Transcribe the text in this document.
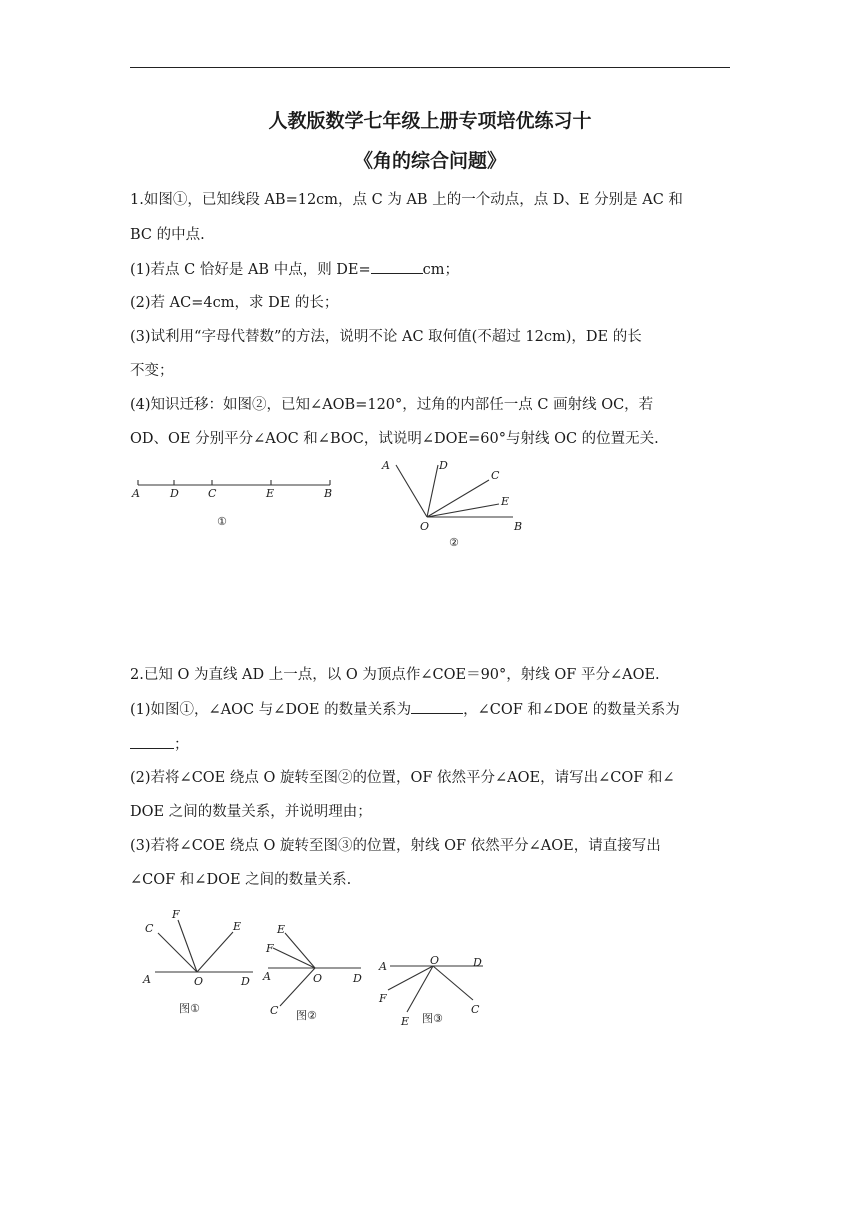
人教版数学七年级上册专项培优练习十
《角的综合问题》
1.如图①，已知线段 AB=12cm，点 C 为 AB 上的一个动点，点 D、E 分别是 AC 和
BC 的中点.
(1)若点 C 恰好是 AB 中点，则 DE=	cm；
(2)若 AC=4cm，求 DE 的长；
(3)试利用“字母代替数”的方法，说明不论 AC 取何值(不超过 12cm)，DE 的长
不变；
(4)知识迁移：如图②，已知∠AOB=120°，过角的内部任一点 C 画射线 OC，若
OD、OE 分别平分∠AOC 和∠BOC，试说明∠DOE=60°与射线 OC 的位置无关.
A	D	C	E	B
①
A	D
C
E
O	B
②
2.已知 O 为直线 AD 上一点，以 O 为顶点作∠COE＝90°，射线 OF 平分∠AOE.
(1)如图①，∠AOC 与∠DOE 的数量关系为	，∠COF 和∠DOE 的数量关系为
；
(2)若将∠COE 绕点 O 旋转至图②的位置，OF 依然平分∠AOE，请写出∠COF 和∠
DOE 之间的数量关系，并说明理由；
(3)若将∠COE 绕点 O 旋转至图③的位置，射线 OF 依然平分∠AOE，请直接写出
∠COF 和∠DOE 之间的数量关系.
C
F
E
A	O	D
图①
E
F
A	O	D
C 图②
A	O	D
F
E
C
图③
